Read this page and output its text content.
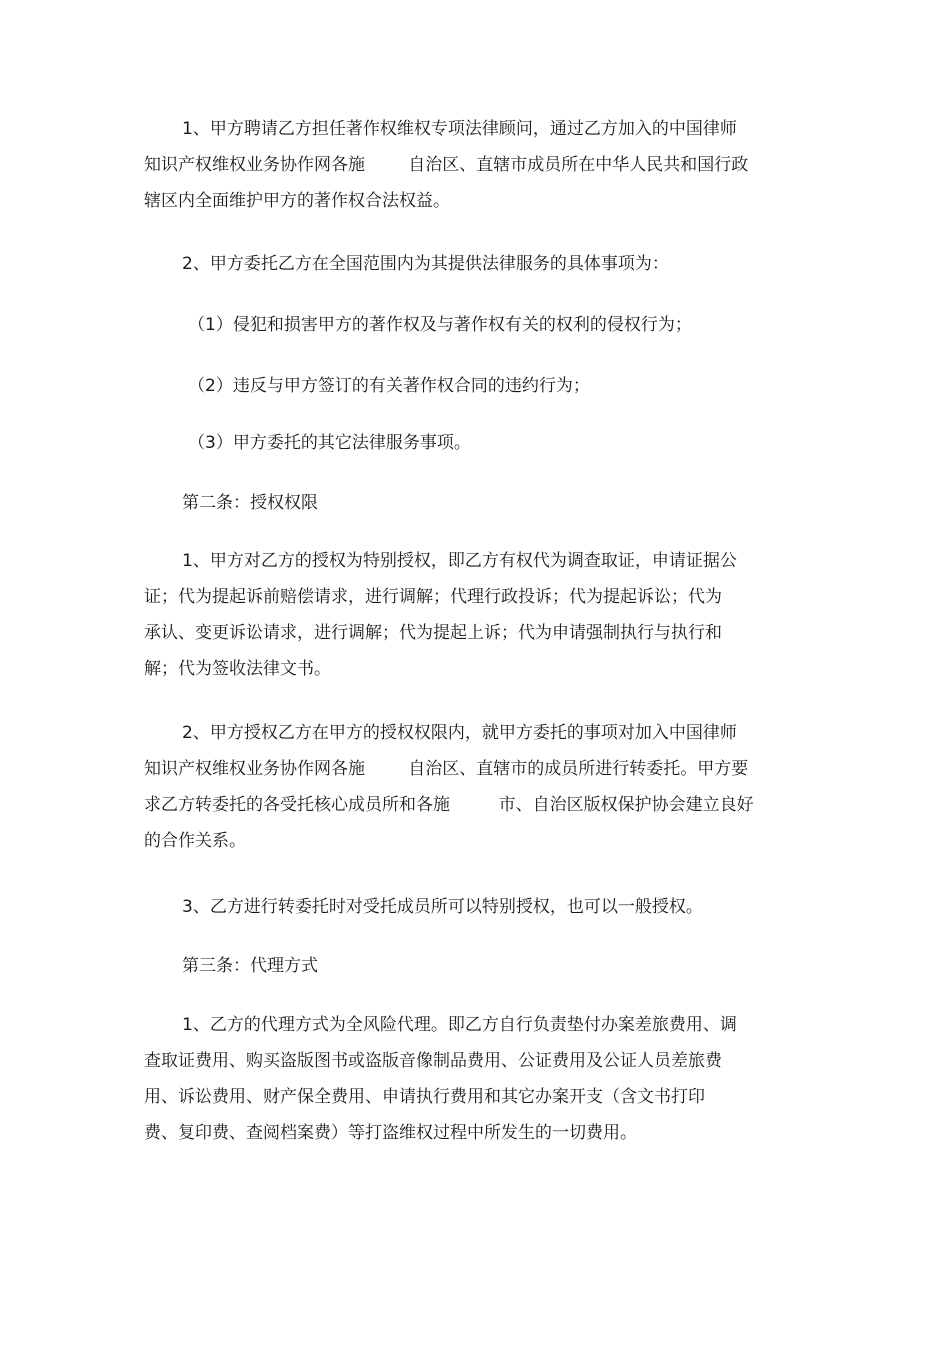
1、甲方聘请乙方担任著作权维权专项法律顾问，通过乙方加入的中国律师
知识产权维权业务协作网各施        自治区、直辖市成员所在中华人民共和国行政
辖区内全面维护甲方的著作权合法权益。
2、甲方委托乙方在全国范围内为其提供法律服务的具体事项为：
（1）侵犯和损害甲方的著作权及与著作权有关的权利的侵权行为；
（2）违反与甲方签订的有关著作权合同的违约行为；
（3）甲方委托的其它法律服务事项。
第二条：授权权限
1、甲方对乙方的授权为特别授权，即乙方有权代为调查取证，申请证据公
证；代为提起诉前赔偿请求，进行调解；代理行政投诉；代为提起诉讼；代为
承认、变更诉讼请求，进行调解；代为提起上诉；代为申请强制执行与执行和
解；代为签收法律文书。
2、甲方授权乙方在甲方的授权权限内，就甲方委托的事项对加入中国律师
知识产权维权业务协作网各施        自治区、直辖市的成员所进行转委托。甲方要
求乙方转委托的各受托核心成员所和各施         市、自治区版权保护协会建立良好
的合作关系。
3、乙方进行转委托时对受托成员所可以特别授权，也可以一般授权。
第三条：代理方式
1、乙方的代理方式为全风险代理。即乙方自行负责垫付办案差旅费用、调
查取证费用、购买盗版图书或盗版音像制品费用、公证费用及公证人员差旅费
用、诉讼费用、财产保全费用、申请执行费用和其它办案开支（含文书打印
费、复印费、查阅档案费）等打盗维权过程中所发生的一切费用。
